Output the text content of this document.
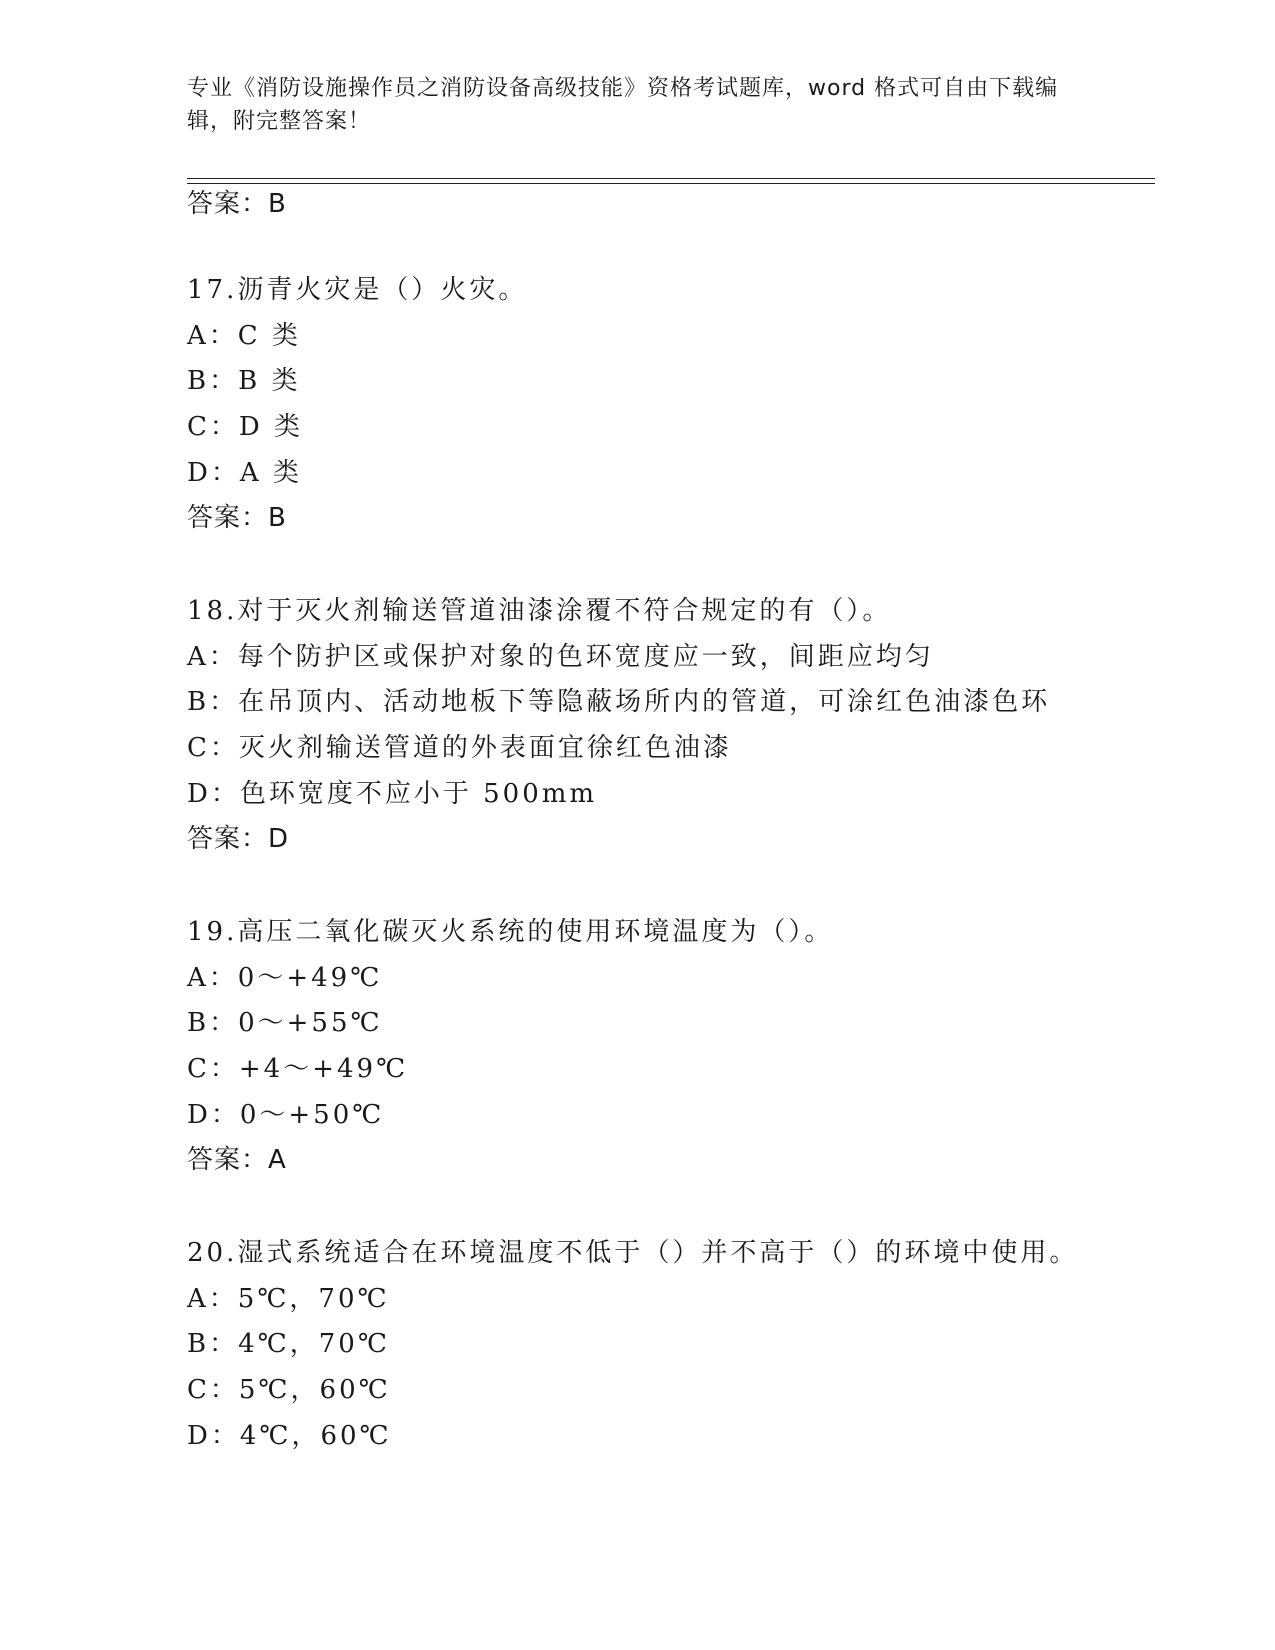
专业《消防设施操作员之消防设备高级技能》资格考试题库，word 格式可自由下载编辑，附完整答案！
答案：B
17.沥青火灾是（）火灾。
A：C 类
B：B 类
C：D 类
D：A 类
答案：B
18.对于灭火剂输送管道油漆涂覆不符合规定的有（）。
A：每个防护区或保护对象的色环宽度应一致，间距应均匀
B：在吊顶内、活动地板下等隐蔽场所内的管道，可涂红色油漆色环
C：灭火剂输送管道的外表面宜徐红色油漆
D：色环宽度不应小于 500mm
答案：D
19.高压二氧化碳灭火系统的使用环境温度为（）。
A：0～+49℃
B：0～+55℃
C：+4～+49℃
D：0～+50℃
答案：A
20.湿式系统适合在环境温度不低于（）并不高于（）的环境中使用。
A：5℃，70℃
B：4℃，70℃
C：5℃，60℃
D：4℃，60℃
